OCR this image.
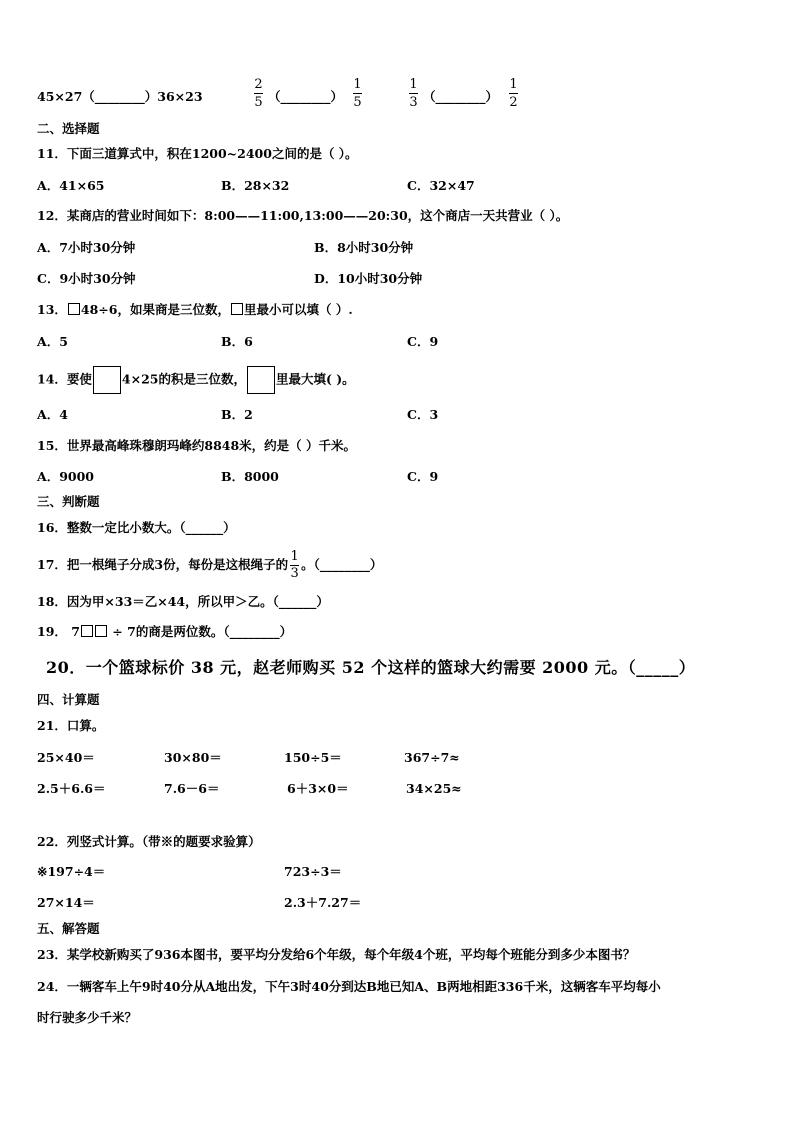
45×27（________）36×23
2
5 （________）
1
5
1
3 （________）
1
2
二、选择题
11．下面三道算式中，积在1200~2400之间的是（ ）。
A．41×65	B．28×32	C．32×47
12．某商店的营业时间如下：8:00——11:00,13:00——20:30，这个商店一天共营业（ ）。
A．7小时30分钟	B．8小时30分钟
C．9小时30分钟	D．10小时30分钟
13． 48÷6，如果商是三位数， 里最小可以填（ ）.
A．5	B．6	C．9
14．要使 4×25的积是三位数， 里最大填( )。
A．4	B．2	C．3
15．世界最高峰珠穆朗玛峰约8848米，约是（ ）千米。
A．9000	B．8000	C．9
三、判断题
16．整数一定比小数大。（______）
17．把一根绳子分成3份，每份是这根绳子的 $\frac{1}{3}$ 。（________）
18．因为甲×33＝乙×44，所以甲＞乙。（______）
19． 7 ÷ 7的商是两位数。（________）
20．一个篮球标价 38 元，赵老师购买 52 个这样的篮球大约需要 2000 元。（_____）
四、计算题
21．口算。
25×40＝	30×80＝	150÷5＝	367÷7≈
2.5＋6.6＝	7.6－6＝	6＋3×0＝	34×25≈
22．列竖式计算。（带※的题要求验算）
※197÷4＝	723÷3＝
27×14＝	2.3＋7.27＝
五、解答题
23．某学校新购买了936本图书，要平均分发给6个年级，每个年级4个班，平均每个班能分到多少本图书？
24．一辆客车上午9时40分从A地出发，下午3时40分到达B地已知A、B两地相距336千米，这辆客车平均每小
时行驶多少千米？
